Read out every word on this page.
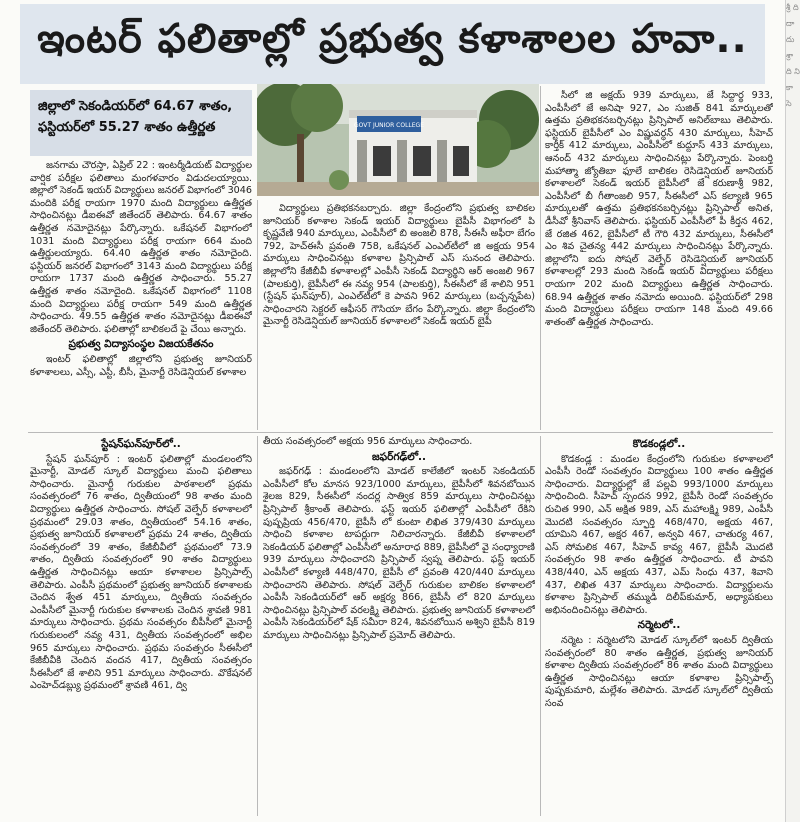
ఇంటర్ ఫలితాల్లో ప్రభుత్వ కళాశాలల హవా..
జిల్లాలో సెకండియర్‌లో 64.67 శాతం,
ఫస్టియర్‌లో 55.27 శాతం ఉత్తీర్ణత	GOVT JUNIOR COLLEGE

జనగామ చౌరస్తా, ఏప్రిల్ 22 : ఇంటర్మీడియట్ విద్యార్థుల వార్షిక పరీక్షల ఫలితాలు మంగళవారం విడుదలయ్యాయి. జిల్లాలో సెకండ్ ఇయర్ విద్యార్థులు జనరల్ విభాగంలో 3046 మందికి పరీక్ష రాయగా 1970 మంది విద్యార్థులు ఉత్తీర్ణత సాధించినట్లు డీఐఈవో జితేందర్ తెలిపారు. 64.67 శాతం ఉత్తీర్ణత నమోదైనట్లు పేర్కొన్నారు. ఒకేషనల్ విభాగంలో 1031 మంది విద్యార్థులు పరీక్ష రాయగా 664 మంది ఉత్తీర్ణులయ్యారు. 64.40 ఉత్తీర్ణత శాతం నమోదైంది. ఫస్టియర్ జనరల్ విభాగంలో 3143 మంది విద్యార్థులు పరీక్ష రాయగా 1737 మంది ఉత్తీర్ణత సాధించారు. 55.27 ఉత్తీర్ణత శాతం నమోదైంది. ఒకేషనల్ విభాగంలో 1108 మంది విద్యార్థులు పరీక్ష రాయగా 549 మంది ఉత్తీర్ణత సాధించారు. 49.55 ఉత్తీర్ణత శాతం నమోదైనట్లు డీఐఈవో జితేందర్ తెలిపారు. ఫలితాల్లో బాలికలదే పై చేయి అన్నారు.

ప్రభుత్వ విద్యాసంస్థల విజయకేతనం

ఇంటర్ ఫలితాల్లో జిల్లాలోని ప్రభుత్వ జూనియర్ కళాశాలలు, ఎస్సీ, ఎస్టీ, బీసీ, మైనార్టీ రెసిడెన్షియల్ కళాశాల

విద్యార్థులు ప్రతిభకనబర్చారు. జిల్లా కేంద్రంలోని ప్రభుత్వ బాలికల జూనియర్ కళాశాల సెకండ్ ఇయర్ విద్యార్థులు బైపీసీ విభాగంలో పి కృష్ణవేణి 940 మార్కులు, ఎంపీసీలో బి అంజలి 878, సీఈసీ అఫీరా బేగం 792, హెచ్ఈసీ ప్రవంతి 758, ఒకేషనల్ ఎంఎల్‌టీలో జి అక్షయ 954 మార్కులు సాధించినట్లు కళాశాల ప్రిన్సిపాల్ ఎస్ సునంద తెలిపారు. జిల్లాలోని కేజీబీవీ కళాశాలల్లో ఎంపీసీ సెకండ్ విద్యార్థిని ఆర్ అంజలి 967 (పాలకుర్తి), బైపీసీలో ఈ నవ్య 954 (పాలకుర్తి), సీఈసీలో జే శాలిని 951 (స్టేషన్ ఘన్‌పూర్), ఎంఎల్‌టీలో కె పావని 962 మార్కులు (బచ్చన్నపేట) సాధించారని సెక్టరల్ ఆఫీసర్ గౌసియా బేగం పేర్కొన్నారు. జిల్లా కేంద్రంలోని మైనార్టీ రెసిడెన్షియల్ జూనియర్ కళాశాలలో సెకండ్ ఇయర్ బైపీ

సీలో జి అక్షయ్ 939 మార్కులు, జే సిద్దార్థ 933, ఎంపీసీలో జే అనిషా 927, ఎం సుజిత్ 841 మార్కులతో ఉత్తమ ప్రతిభకనబర్చినట్లు ప్రిన్సిపాల్ అనిల్‌బాబు తెలిపారు. ఫస్టియర్ బైపీసీలో ఎం విష్ణువర్ధన్ 430 మార్కులు, సీహెచ్ కార్తీక్ 412 మార్కులు, ఎంపీసీలో కుద్దూస్ 433 మార్కులు, ఆనంద్ 432 మార్కులు సాధించినట్లు పేర్కొన్నారు. పెంబర్తి మహాత్మా జ్యోతిబా ఫూలే బాలికల రెసిడెన్షియల్ జూనియర్ కళాశాలలో సెకండ్ ఇయర్ బైపీసీలో జే కరుణాశ్రీ 982, ఎంపీసీలో బీ గీతాంజలి 957, సీఈసీలో ఎస్ కల్యాణి 965 మార్కులతో ఉత్తమ ప్రతిభకనబర్చినట్లు ప్రిన్సిపాల్ అనిత, డీసీవో శ్రీనివాస్ తెలిపారు. ఫస్టియర్ ఎంపీసీలో పీ కీర్తన 462, జే రజిత 462, బైపీసీలో టీ గౌరి 432 మార్కులు, సీఈసీలో ఎం శివ చైతన్య 442 మార్కులు సాధించినట్లు పేర్కొన్నారు. జిల్లాలోని ఐదు సోషల్ వెల్ఫేర్ రెసిడెన్షియల్ జూనియర్ కళాశాలల్లో 293 మంది సెకండ్ ఇయర్ విద్యార్థులు పరీక్షలు రాయగా 202 మంది విద్యార్థులు ఉత్తీర్ణత సాధించారు. 68.94 ఉత్తీర్ణత శాతం నమోదు అయింది. ఫస్టియర్‌లో 298 మంది విద్యార్థులు పరీక్షలు రాయగా 148 మంది 49.66 శాతంతో ఉత్తీర్ణత సాధించారు.

స్టేషన్‌ఘన్‌పూర్‌లో..

స్టేషన్ ఘన్‌పూర్ : ఇంటర్ ఫలితాల్లో మండలంలోని మైనార్టీ, మోడల్ స్కూల్ విద్యార్థులు మంచి ఫలితాలు సాధించారు. మైనార్టీ గురుకుల పాఠశాలలో ప్రథమ సంవత్సరంలో 76 శాతం, ద్వితీయంలో 98 శాతం మంది విద్యార్థులు ఉత్తీర్ణత సాధించారు. సోషల్ వెల్ఫేర్ కళాశాలలో ప్రథమంలో 29.03 శాతం, ద్వితీయంలో 54.16 శాతం, ప్రభుత్వ జూనియర్ కళాశాలలో ప్రథమ 24 శాతం, ద్వితీయ సంవత్సరంలో 39 శాతం, కేజీబీవీలో ప్రథమంలో 73.9 శాతం, ద్వితీయ సంవత్సరంలో 90 శాతం విద్యార్థులు ఉత్తీర్ణత సాధించినట్లు ఆయా కళాశాలల ప్రిన్సిపాల్స్ తెలిపారు. ఎంపీసీ ప్రథమంలో ప్రభుత్వ జూనియర్ కళాశాలకు చెందిన శ్వేత 451 మార్కులు, ద్వితీయ సంవత్సరం ఎంపీసీలో మైనార్టీ గురుకుల కళాశాలకు చెందిన శ్రావణి 981 మార్కులు సాధించారు. ప్రథమ సంవత్సరం బీపీసీలో మైనార్టీ గురుకులంలో నవ్య 431, ద్వితీయ సంవత్సరంలో అభిల 965 మార్కులు సాధించారు. ప్రథమ సంవత్సరం సీఈసీలో కేజీబీవీకి చెందిన వందన 417, ద్వితీయ సంవత్సరం సీఈసీలో జే శాలిని 951 మార్కులు సాధించారు. వొకేషనల్ ఎంహెచ్‌డబ్ల్యు ప్రథమంలో శ్రావణి 461, ద్వి

తీయ సంవత్సరంలో అక్షయ 956 మార్కులు సాధించారు.

జఫర్‌గఢ్‌లో..

జఫర్‌గఢ్ : మండలంలోని మోడల్ కాలేజీలో ఇంటర్ సెకండియర్ ఎంపీసీలో కోల మానస 923/1000 మార్కులు, బైపీసీలో శివనబోయిన శైలజ 829, సీఈసీలో నందర్ల సాత్విక 859 మార్కులు సాధించినట్లు ప్రిన్సిపాల్ శ్రీకాంత్ తెలిపారు. ఫస్ట్ ఇయర్ ఫలితాల్లో ఎంపీసీలో రేకిని పుష్పప్రియ 456/470, బైపీసీ లో కుంటా లిఖిత 379/430 మార్కులు సాధించి కళాశాల టాపర్లుగా నిలిచారన్నారు. కేజీబీవీ కళాశాలలో సెకండియర్ ఫలితాల్లో ఎంపీసీలో అనూరాధ 889, బైపీసీలో వై సంధ్యారాణి 939 మార్కులు సాధించారని ప్రిన్సిపాల్ స్వప్న తెలిపారు. ఫస్ట్ ఇయర్ ఎంపీసీలో కళ్యాణి 448/470, బైపీసీ లో ప్రవంతి 420/440 మార్కులు సాధించారని తెలిపారు. సోషల్ వెల్ఫేర్ గురుకుల బాలికల కళాశాలలో ఎంపీసీ సెకండియర్‌లో ఆర్ అక్షర్య 866, బైపీసీ లో 820 మార్కులు సాధించినట్లు ప్రిన్సిపాల్ వరలక్ష్మి తెలిపారు. ప్రభుత్వ జూనియర్ కళాశాలలో ఎంపీసీ సెకండియర్‌లో షేక్ సమీరా 824, శివనబోయిన అశ్విని బైపీసీ 819 మార్కులు సాధించినట్లు ప్రిన్సిపాల్ ప్రమోద్ తెలిపారు.

కొడకండ్లలో..

కొడకండ్ల : మండల కేంద్రంలోని గురుకుల కళాశాలలో ఎంపీసీ రెండో సంవత్సరం విద్యార్థులు 100 శాతం ఉత్తీర్ణత సాధించారు. విద్యార్థుల్లో జే పల్లవి 993/1000 మార్కులు సాధించింది. సీహెచ్ స్పందన 992, బైపీసీ రెండో సంవత్సరం రుచిత 990, ఎన్ అక్షిత 989, ఎస్ మహాలక్ష్మి 989, ఎంపీసీ మొదటి సంవత్సరం స్ఫూర్తి 468/470, అక్షయ 467, యామిని 467, అక్షర 467, అన్వవి 467, చాతుర్య 467, ఎస్ సోమలిక 467, సీహెచ్ కావ్య 467, బైపీసీ మొదటి సంవత్సరం 98 శాతం ఉత్తీర్ణత సాధించారు. టీ పావని 438/440, ఎన్ అక్షయ 437, ఎమ్ సింధు 437, శివాని 437, లిఖిత 437 మార్కులు సాధించారు. విద్యార్థులను కళాశాల ప్రిన్సిపాల్ తమ్ముడి దిలీప్‌కుమార్, అధ్యాపకులు అభినందించినట్లు తెలిపారు.

నర్మెటలో..

నర్మెట : నర్మెటలోని మోడల్ స్కూల్‌లో ఇంటర్ ద్వితీయ సంవత్సరంలో 80 శాతం ఉత్తీర్ణత, ప్రభుత్వ జూనియర్ కళాశాల ద్వితీయ సంవత్సరంలో 86 శాతం మంది విద్యార్థులు ఉత్తీర్ణత సాధించినట్లు ఆయా కళాశాల ప్రిన్సిపాల్స్ పుష్పకుమారి, మల్లేశం తెలిపారు. మోడల్ స్కూల్‌లో ద్వితీయ సంవ

శ్రీ ది దా దు శ్రా ది ని కా సె
